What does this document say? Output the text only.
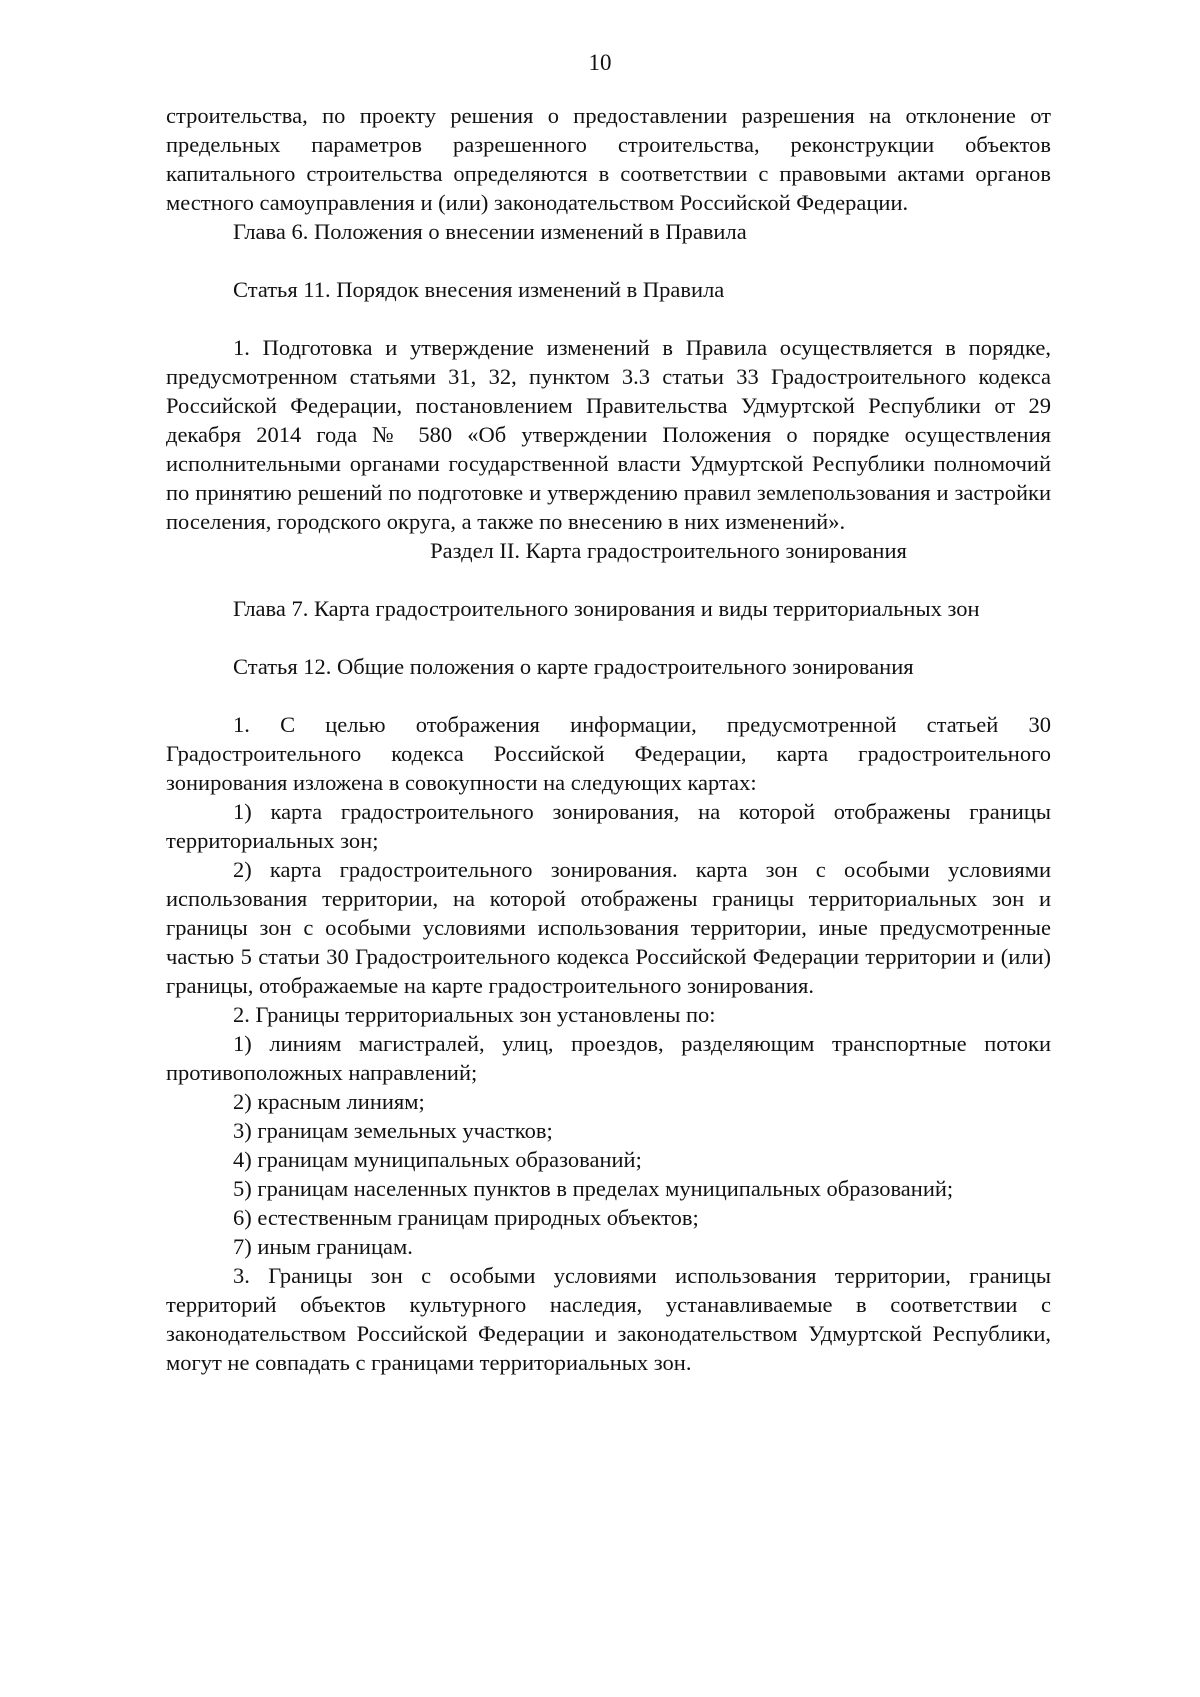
10

строительства, по проекту решения о предоставлении разрешения на отклонение от предельных параметров разрешенного строительства, реконструкции объектов капитального строительства определяются в соответствии с правовыми актами органов местного самоуправления и (или) законодательством Российской Федерации.

Глава 6. Положения о внесении изменений в Правила

Статья 11. Порядок внесения изменений в Правила

1. Подготовка и утверждение изменений в Правила осуществляется в порядке, предусмотренном статьями 31, 32, пунктом 3.3 статьи 33 Градостроительного кодекса Российской Федерации, постановлением Правительства Удмуртской Республики от 29 декабря 2014 года № 580 «Об утверждении Положения о порядке осуществления исполнительными органами государственной власти Удмуртской Республики полномочий по принятию решений по подготовке и утверждению правил землепользования и застройки поселения, городского округа, а также по внесению в них изменений».

Раздел II. Карта градостроительного зонирования

Глава 7. Карта градостроительного зонирования и виды территориальных зон

Статья 12. Общие положения о карте градостроительного зонирования

1. С целью отображения информации, предусмотренной статьей 30 Градостроительного кодекса Российской Федерации, карта градостроительного зонирования изложена в совокупности на следующих картах:

1) карта градостроительного зонирования, на которой отображены границы территориальных зон;

2) карта градостроительного зонирования. карта зон с особыми условиями использования территории, на которой отображены границы территориальных зон и границы зон с особыми условиями использования территории, иные предусмотренные частью 5 статьи 30 Градостроительного кодекса Российской Федерации территории и (или) границы, отображаемые на карте градостроительного зонирования.

2. Границы территориальных зон установлены по:

1) линиям магистралей, улиц, проездов, разделяющим транспортные потоки противоположных направлений;

2) красным линиям;

3) границам земельных участков;

4) границам муниципальных образований;

5) границам населенных пунктов в пределах муниципальных образований;

6) естественным границам природных объектов;

7) иным границам.

3. Границы зон с особыми условиями использования территории, границы территорий объектов культурного наследия, устанавливаемые в соответствии с законодательством Российской Федерации и законодательством Удмуртской Республики, могут не совпадать с границами территориальных зон.
